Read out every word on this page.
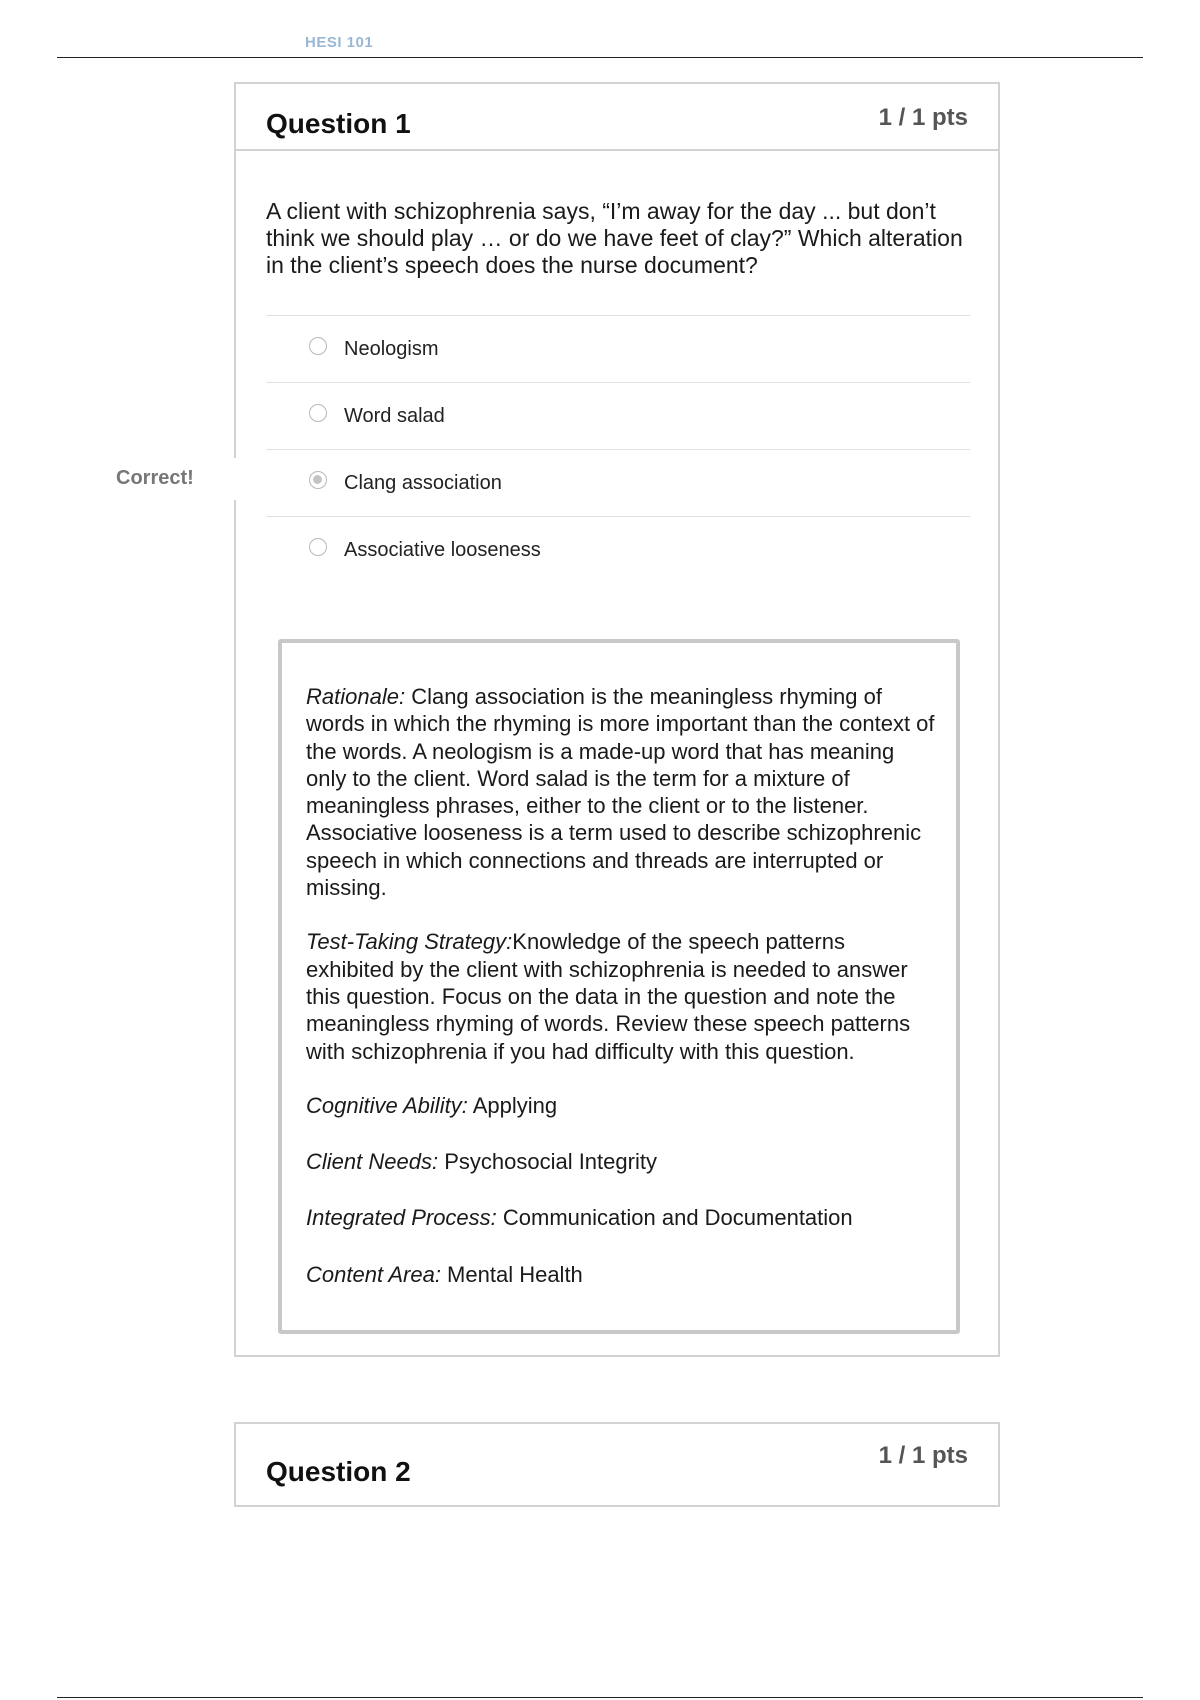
HESI 101
Correct!
Question 1	1 / 1 pts
A client with schizophrenia says, “I’m away for the day ... but don’t think we should play … or do we have feet of clay?” Which alteration in the client’s speech does the nurse document?
Neologism
Word salad
Clang association
Associative looseness

Rationale: Clang association is the meaningless rhyming of words in which the rhyming is more important than the context of the words. A neologism is a made-up word that has meaning only to the client. Word salad is the term for a mixture of meaningless phrases, either to the client or to the listener. Associative looseness is a term used to describe schizophrenic speech in which connections and threads are interrupted or missing.

Test-Taking Strategy:Knowledge of the speech patterns exhibited by the client with schizophrenia is needed to answer this question. Focus on the data in the question and note the meaningless rhyming of words. Review these speech patterns with schizophrenia if you had difficulty with this question.

Cognitive Ability: Applying

Client Needs: Psychosocial Integrity

Integrated Process: Communication and Documentation

Content Area: Mental Health

Question 2
1 / 1 pts
